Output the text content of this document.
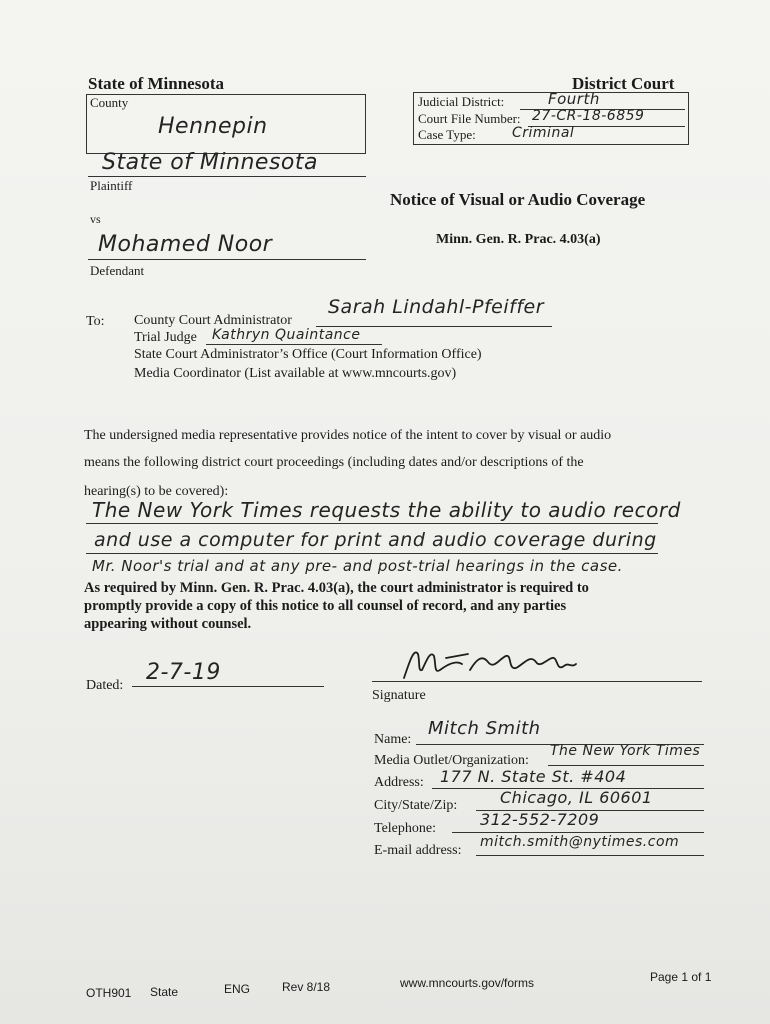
State of Minnesota	District Court
County
Hennepin
Judicial District:	Fourth
Court File Number: 27-CR-18-6859
Case Type:	Criminal
State of Minnesota
Plaintiff
Notice of Visual or Audio Coverage
vs
Minn. Gen. R. Prac. 4.03(a)
Mohamed Noor
Defendant
To: County Court Administrator
Sarah Lindahl-Pfeiffer
Trial Judge Kathryn Quaintance
State Court Administrator’s Office (Court Information Office)
Media Coordinator (List available at www.mncourts.gov)
The undersigned media representative provides notice of the intent to cover by visual or audio
means the following district court proceedings (including dates and/or descriptions of the
hearing(s) to be covered):
The New York Times requests the ability to audio record
and use a computer for print and audio coverage during
Mr. Noor's trial and at any pre- and post-trial hearings in the case.
As required by Minn. Gen. R. Prac. 4.03(a), the court administrator is required to
promptly provide a copy of this notice to all counsel of record, and any parties
appearing without counsel.
Dated:
2-7-19
Signature
Name:
Mitch Smith
Media Outlet/Organization:
The New York Times
Address: 177 N. State St. #404
City/State/Zip:	Chicago, IL 60601
Telephone:	312-552-7209
E-mail address:
mitch.smith@nytimes.com
OTH901 State	ENG	Rev 8/18	www.mncourts.gov/forms	Page 1 of 1
